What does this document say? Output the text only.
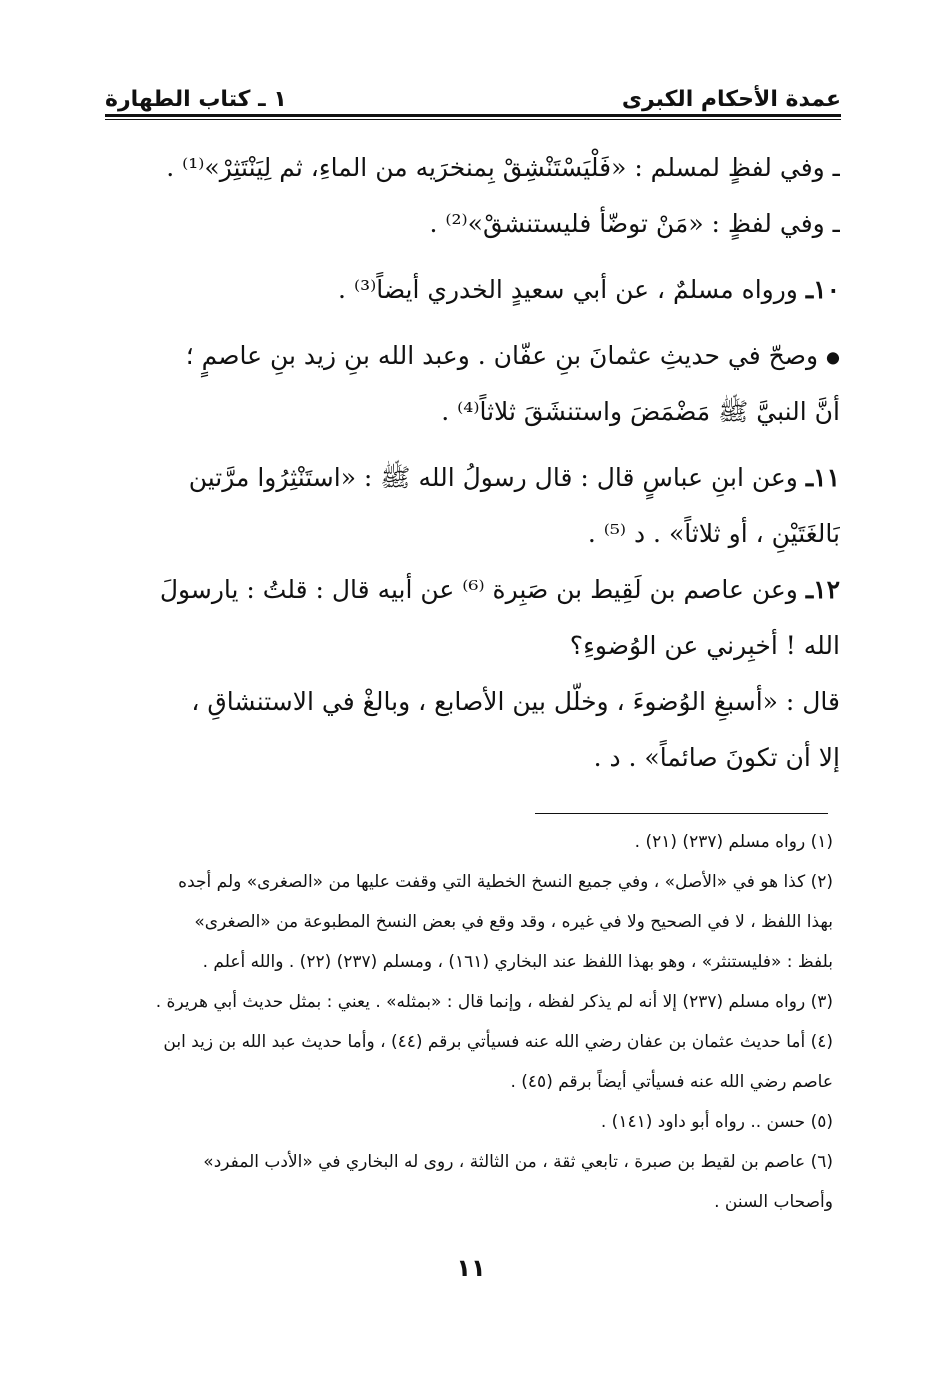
عمدة الأحكام الكبرى
١ ـ كتاب الطهارة
ـ وفي لفظٍ لمسلم : «فَلْيَسْتَنْشِقْ بِمنخرَيه من الماءِ، ثم لِيَنْتَثِرْ»⁽¹⁾ .
ـ وفي لفظٍ : «مَنْ توضّأ فليستنشقْ»⁽²⁾ .
١٠ـ ورواه مسلمٌ ، عن أبي سعيدٍ الخدري أيضاً⁽³⁾ .
● وصحّ في حديثِ عثمانَ بنِ عفّان . وعبد الله بنِ زيد بنِ عاصمٍ ؛
أنَّ النبيَّ ﷺ مَضْمَضَ واستنشَقَ ثلاثاً⁽⁴⁾ .
١١ـ وعن ابنِ عباسٍ قال : قال رسولُ الله ﷺ : «استَنْثِرُوا مرَّتين
بَالغَتَيْنِ ، أو ثلاثاً» . د ⁽⁵⁾ .
١٢ـ وعن عاصم بن لَقِيط بن صَبِرة ⁽⁶⁾ عن أبيه قال : قلتُ : يارسولَ
الله ! أخبِرني عن الوُضوءِ؟
قال : «أسبغِ الوُضوءَ ، وخلّل بين الأصابع ، وبالغْ في الاستنشاقِ ،
إلا أن تكونَ صائماً» . د .
(١) رواه مسلم (٢٣٧) (٢١) .
(٢) كذا هو في «الأصل» ، وفي جميع النسخ الخطية التي وقفت عليها من «الصغرى» ولم أجده
بهذا اللفظ ، لا في الصحيح ولا في غيره ، وقد وقع في بعض النسخ المطبوعة من «الصغرى»
بلفظ : «فليستنثر» ، وهو بهذا اللفظ عند البخاري (١٦١) ، ومسلم (٢٣٧) (٢٢) . والله أعلم .
(٣) رواه مسلم (٢٣٧) إلا أنه لم يذكر لفظه ، وإنما قال : «بمثله» . يعني : بمثل حديث أبي هريرة .
(٤) أما حديث عثمان بن عفان رضي الله عنه فسيأتي برقم (٤٤) ، وأما حديث عبد الله بن زيد ابن
عاصم رضي الله عنه فسيأتي أيضاً برقم (٤٥) .
(٥) حسن .. رواه أبو داود (١٤١) .
(٦) عاصم بن لقيط بن صبرة ، تابعي ثقة ، من الثالثة ، روى له البخاري في «الأدب المفرد»
وأصحاب السنن .
١١
